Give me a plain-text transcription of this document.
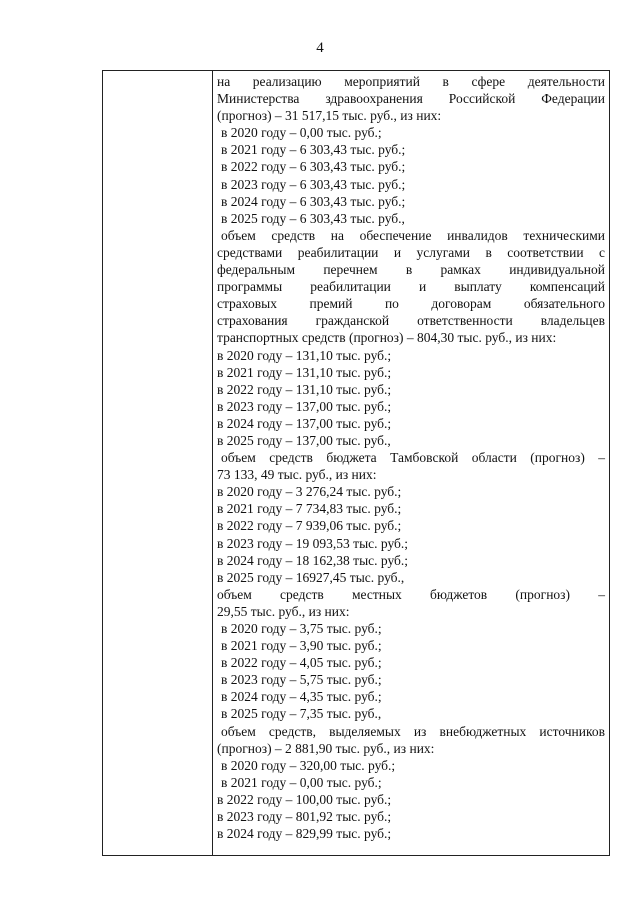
4
на реализацию мероприятий в сфере деятельности
Министерства здравоохранения Российской Федерации
(прогноз) – 31 517,15 тыс. руб., из них:
в 2020 году – 0,00 тыс. руб.;
в 2021 году – 6 303,43 тыс. руб.;
в 2022 году – 6 303,43 тыс. руб.;
в 2023 году – 6 303,43 тыс. руб.;
в 2024 году – 6 303,43 тыс. руб.;
в 2025 году – 6 303,43 тыс. руб.,
объем средств на обеспечение инвалидов техническими
средствами реабилитации и услугами в соответствии с
федеральным перечнем в рамках индивидуальной
программы реабилитации и выплату компенсаций
страховых премий по договорам обязательного
страхования гражданской ответственности владельцев
транспортных средств (прогноз) – 804,30 тыс. руб., из них:
в 2020 году – 131,10 тыс. руб.;
в 2021 году – 131,10 тыс. руб.;
в 2022 году – 131,10 тыс. руб.;
в 2023 году – 137,00 тыс. руб.;
в 2024 году – 137,00 тыс. руб.;
в 2025 году – 137,00 тыс. руб.,
объем средств бюджета Тамбовской области (прогноз) –
73 133, 49 тыс. руб., из них:
в 2020 году – 3 276,24 тыс. руб.;
в 2021 году – 7 734,83 тыс. руб.;
в 2022 году – 7 939,06 тыс. руб.;
в 2023 году – 19 093,53 тыс. руб.;
в 2024 году – 18 162,38 тыс. руб.;
в 2025 году – 16927,45 тыс. руб.,
объем средств местных бюджетов (прогноз) –
29,55 тыс. руб., из них:
в 2020 году – 3,75 тыс. руб.;
в 2021 году – 3,90 тыс. руб.;
в 2022 году – 4,05 тыс. руб.;
в 2023 году – 5,75 тыс. руб.;
в 2024 году – 4,35 тыс. руб.;
в 2025 году – 7,35 тыс. руб.,
объем средств, выделяемых из внебюджетных источников
(прогноз) – 2 881,90 тыс. руб., из них:
в 2020 году – 320,00 тыс. руб.;
в 2021 году – 0,00 тыс. руб.;
в 2022 году – 100,00 тыс. руб.;
в 2023 году – 801,92 тыс. руб.;
в 2024 году – 829,99 тыс. руб.;
